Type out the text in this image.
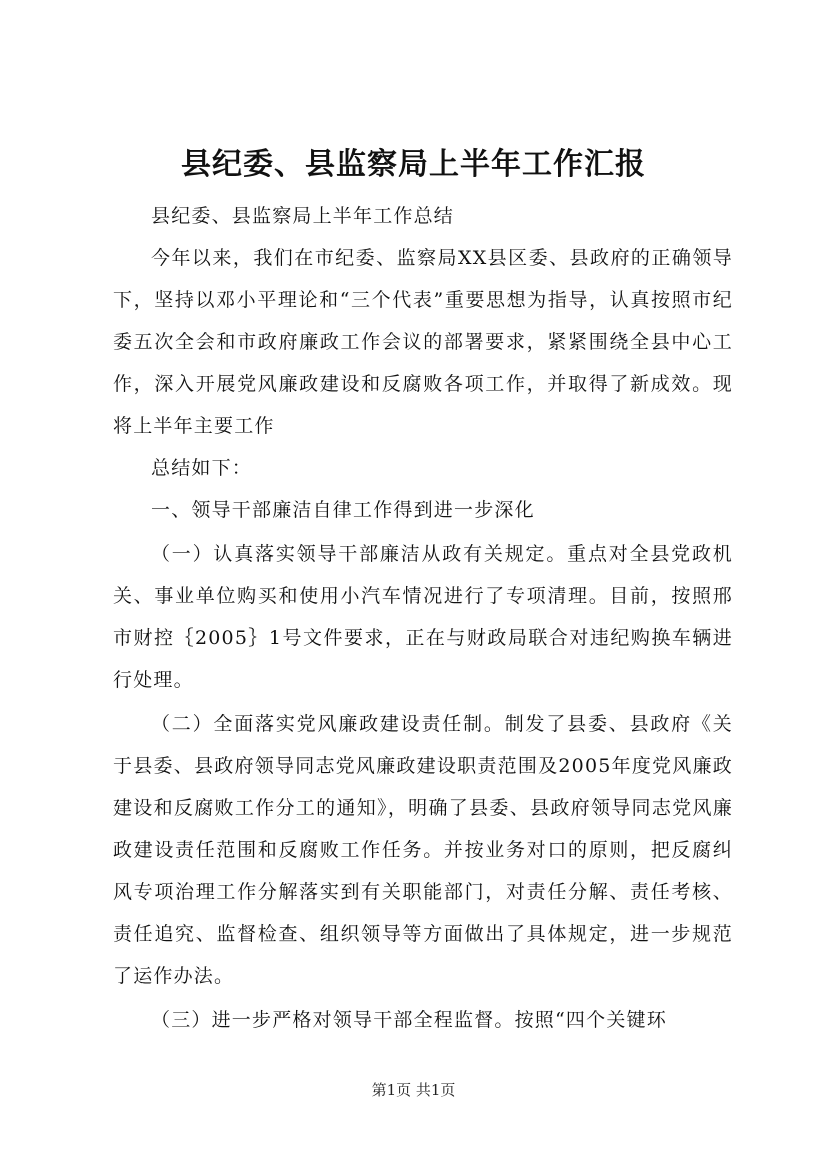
县纪委、县监察局上半年工作汇报

县纪委、县监察局上半年工作总结

今年以来，我们在市纪委、监察局XX县区委、县政府的正确领导下，坚持以邓小平理论和“三个代表”重要思想为指导，认真按照市纪委五次全会和市政府廉政工作会议的部署要求，紧紧围绕全县中心工作，深入开展党风廉政建设和反腐败各项工作，并取得了新成效。现将上半年主要工作

总结如下：

一、领导干部廉洁自律工作得到进一步深化

（一）认真落实领导干部廉洁从政有关规定。重点对全县党政机关、事业单位购买和使用小汽车情况进行了专项清理。目前，按照邢市财控｛2005｝1号文件要求，正在与财政局联合对违纪购换车辆进行处理。

（二）全面落实党风廉政建设责任制。制发了县委、县政府《关于县委、县政府领导同志党风廉政建设职责范围及2005年度党风廉政建设和反腐败工作分工的通知》，明确了县委、县政府领导同志党风廉政建设责任范围和反腐败工作任务。并按业务对口的原则，把反腐纠风专项治理工作分解落实到有关职能部门，对责任分解、责任考核、责任追究、监督检查、组织领导等方面做出了具体规定，进一步规范了运作办法。

（三）进一步严格对领导干部全程监督。按照“四个关键环

第1页 共1页
